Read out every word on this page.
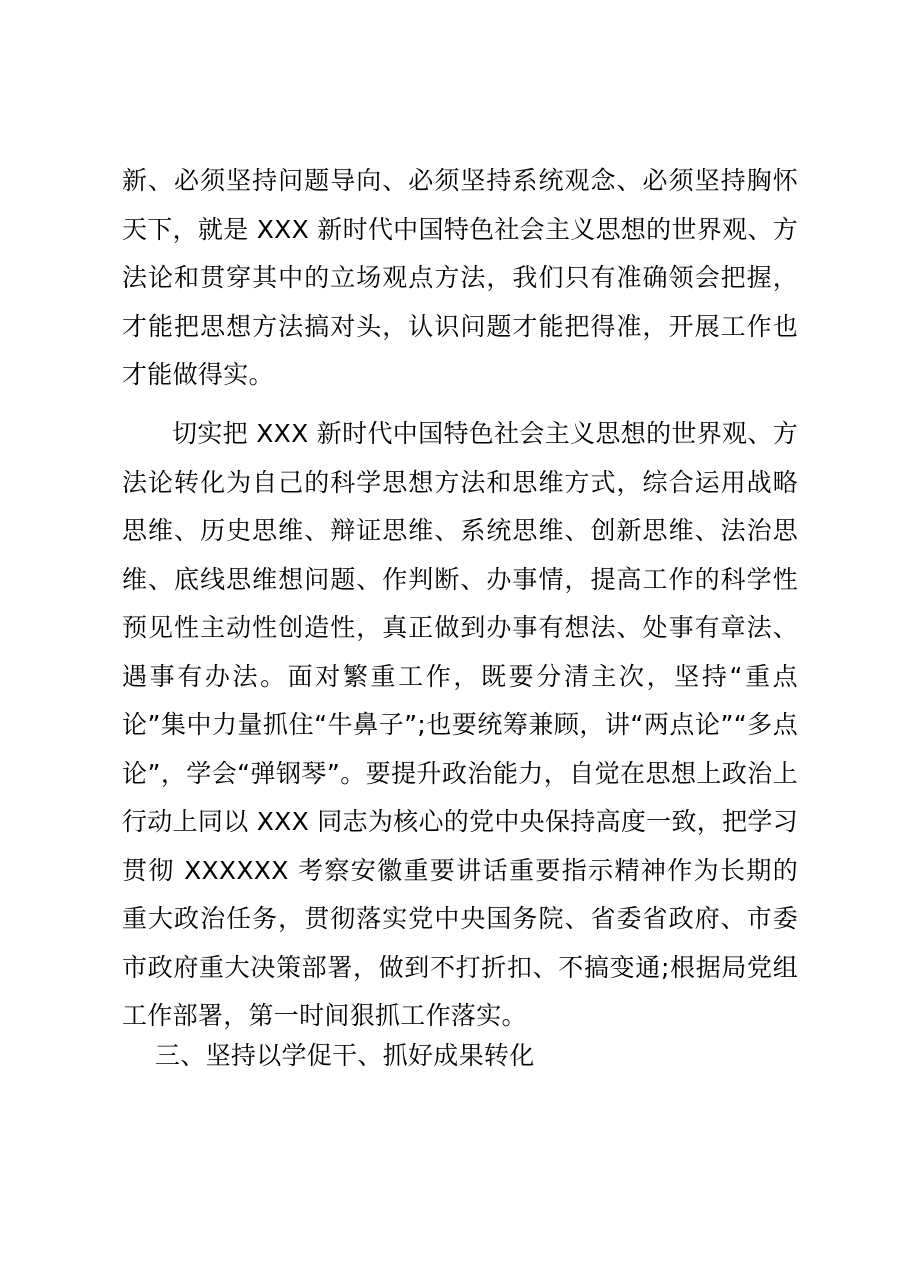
新、必须坚持问题导向、必须坚持系统观念、必须坚持胸怀天下，就是 XXX 新时代中国特色社会主义思想的世界观、方法论和贯穿其中的立场观点方法，我们只有准确领会把握，才能把思想方法搞对头，认识问题才能把得准，开展工作也才能做得实。

切实把 XXX 新时代中国特色社会主义思想的世界观、方法论转化为自己的科学思想方法和思维方式，综合运用战略思维、历史思维、辩证思维、系统思维、创新思维、法治思维、底线思维想问题、作判断、办事情，提高工作的科学性预见性主动性创造性，真正做到办事有想法、处事有章法、遇事有办法。面对繁重工作，既要分清主次，坚持“重点论”集中力量抓住“牛鼻子”;也要统筹兼顾，讲“两点论”“多点论”，学会“弹钢琴”。要提升政治能力，自觉在思想上政治上行动上同以 XXX 同志为核心的党中央保持高度一致，把学习贯彻 XXXXXX 考察安徽重要讲话重要指示精神作为长期的重大政治任务，贯彻落实党中央国务院、省委省政府、市委市政府重大决策部署，做到不打折扣、不搞变通;根据局党组工作部署，第一时间狠抓工作落实。

三、坚持以学促干、抓好成果转化
